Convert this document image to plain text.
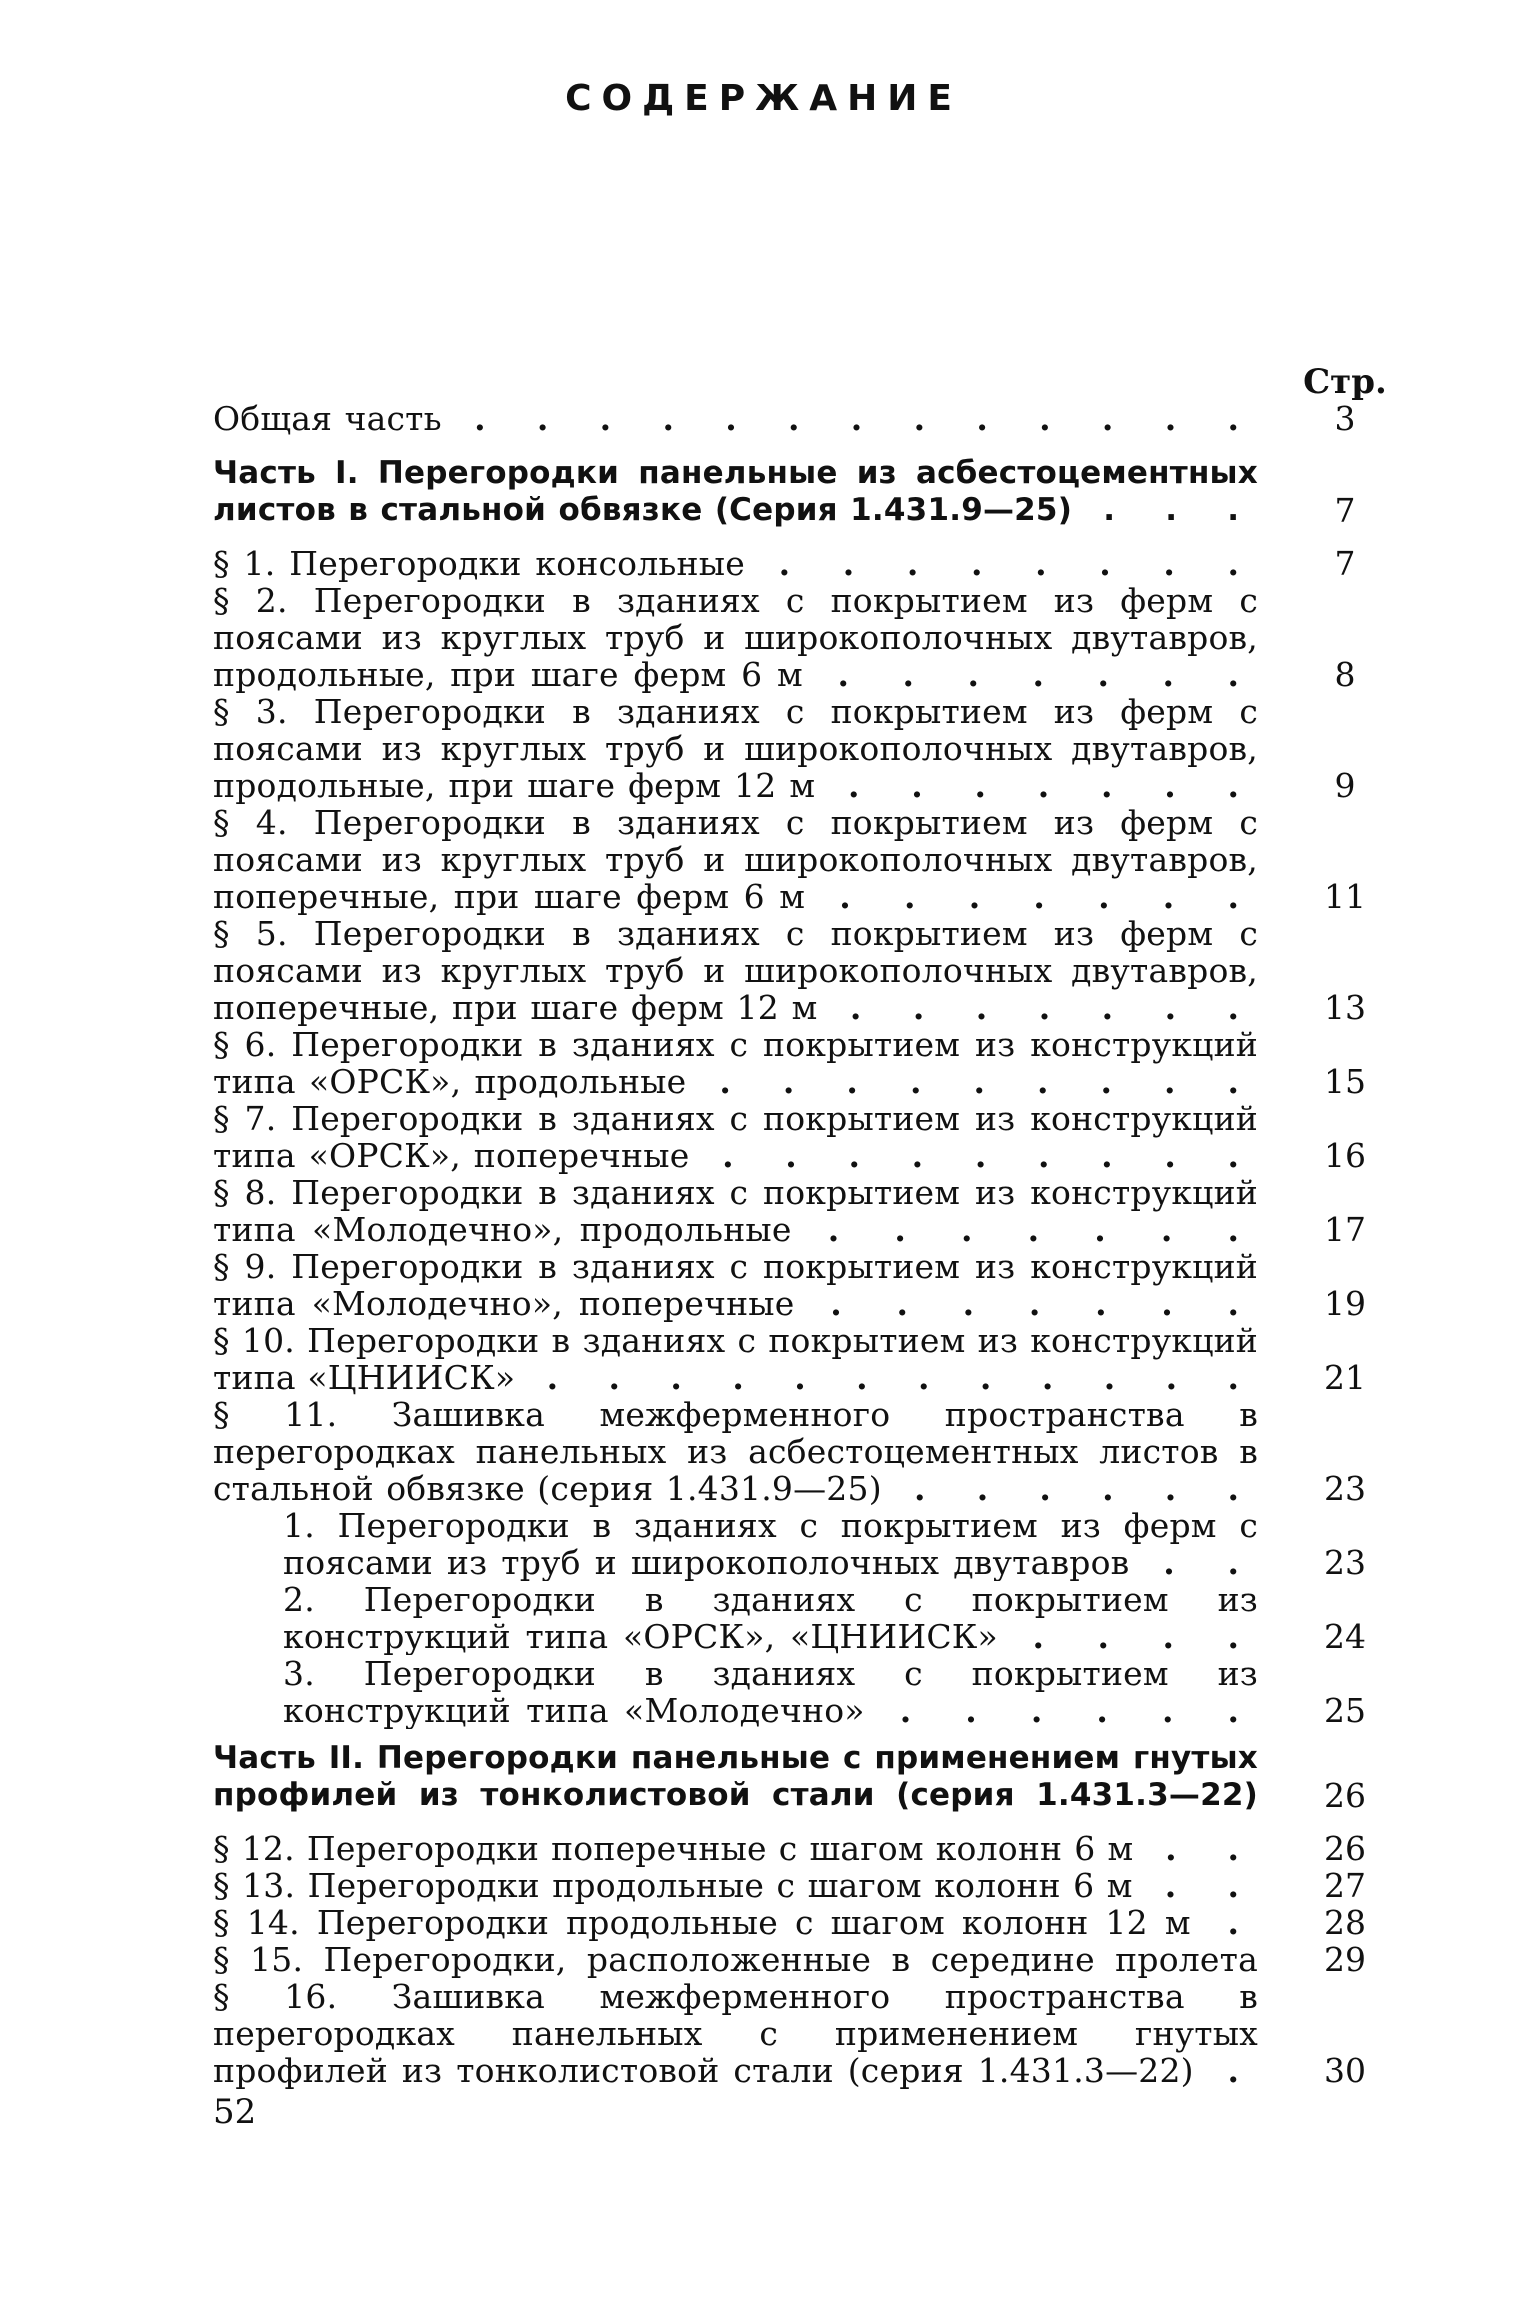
СОДЕРЖАНИЕ
Стр.
Общая часть . . . . . . . . . . . . .	3
Часть I. Перегородки панельные из асбестоцементных листов в стальной обвязке (Серия 1.431.9—25) . . .	7
§ 1. Перегородки консольные . . . . . . . .	7
§ 2. Перегородки в зданиях с покрытием из ферм с поясами из круглых труб и широкополочных двутавров, продольные, при шаге ферм 6 м . . . . . . .	8
§ 3. Перегородки в зданиях с покрытием из ферм с поясами из круглых труб и широкополочных двутавров, продольные, при шаге ферм 12 м . . . . . . .	9
§ 4. Перегородки в зданиях с покрытием из ферм с поясами из круглых труб и широкополочных двутавров, поперечные, при шаге ферм 6 м . . . . . . .	11
§ 5. Перегородки в зданиях с покрытием из ферм с поясами из круглых труб и широкополочных двутавров, поперечные, при шаге ферм 12 м . . . . . . .	13
§ 6. Перегородки в зданиях с покрытием из конструкций типа «ОРСК», продольные . . . . . . . . .	15
§ 7. Перегородки в зданиях с покрытием из конструкций типа «ОРСК», поперечные . . . . . . . . .	16
§ 8. Перегородки в зданиях с покрытием из конструкций типа «Молодечно», продольные . . . . . . .	17
§ 9. Перегородки в зданиях с покрытием из конструкций типа «Молодечно», поперечные . . . . . . .	19
§ 10. Перегородки в зданиях с покрытием из конструкций типа «ЦНИИСК» . . . . . . . . . . . .	21
§ 11. Зашивка межферменного пространства в перегородках панельных из асбестоцементных листов в стальной обвязке (серия 1.431.9—25) . . . . . .	23
1. Перегородки в зданиях с покрытием из ферм с поясами из труб и широкополочных двутавров . .	23
2. Перегородки в зданиях с покрытием из конструкций типа «ОРСК», «ЦНИИСК» . . . .	24
3. Перегородки в зданиях с покрытием из конструкций типа «Молодечно» . . . . . .	25
Часть II. Перегородки панельные с применением гнутых профилей из тонколистовой стали (серия 1.431.3—22)	26
§ 12. Перегородки поперечные с шагом колонн 6 м . .	26
§ 13. Перегородки продольные с шагом колонн 6 м . .	27
§ 14. Перегородки продольные с шагом колонн 12 м .	28
§ 15. Перегородки, расположенные в середине пролета	29
§ 16. Зашивка межферменного пространства в перегородках панельных с применением гнутых профилей из тонколистовой стали (серия 1.431.3—22) .	30
52
